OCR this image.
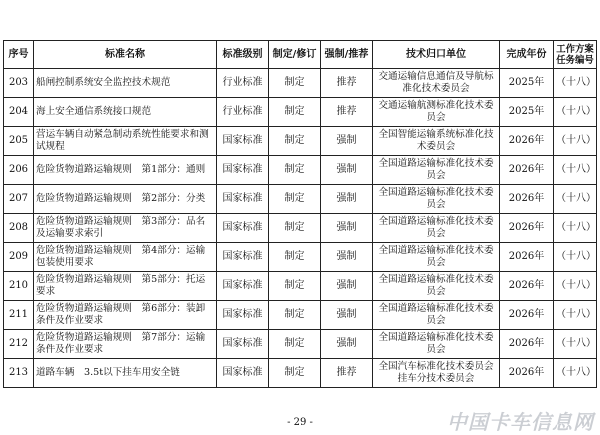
序号	标准名称	标准级别	制定/修订	强制/推荐	技术归口单位	完成年份	工作方案任务编号
203	船闸控制系统安全监控技术规范	行业标准	制定	推荐	交通运输信息通信及导航标准化技术委员会	2025年	（十八）
204	海上安全通信系统接口规范	行业标准	制定	推荐	交通运输航测标准化技术委员会	2025年	（十八）
205	营运车辆自动紧急制动系统性能要求和测试规程	国家标准	制定	强制	全国智能运输系统标准化技术委员会	2026年	（十八）
206	危险货物道路运输规则　第1部分：通则	国家标准	制定	强制	全国道路运输标准化技术委员会	2026年	（十八）
207	危险货物道路运输规则　第2部分：分类	国家标准	制定	强制	全国道路运输标准化技术委员会	2026年	（十八）
208	危险货物道路运输规则　第3部分：品名及运输要求索引	国家标准	制定	强制	全国道路运输标准化技术委员会	2026年	（十八）
209	危险货物道路运输规则　第4部分：运输包装使用要求	国家标准	制定	强制	全国道路运输标准化技术委员会	2026年	（十八）
210	危险货物道路运输规则　第5部分：托运要求	国家标准	制定	强制	全国道路运输标准化技术委员会	2026年	（十八）
211	危险货物道路运输规则　第6部分：装卸条件及作业要求	国家标准	制定	强制	全国道路运输标准化技术委员会	2026年	（十八）
212	危险货物道路运输规则　第7部分：运输条件及作业要求	国家标准	制定	强制	全国道路运输标准化技术委员会	2026年	（十八）
213	道路车辆　3.5t以下挂车用安全链	国家标准	制定	推荐	全国汽车标准化技术委员会挂车分技术委员会	2026年	（十八）
- 29 -	中国卡车信息网
